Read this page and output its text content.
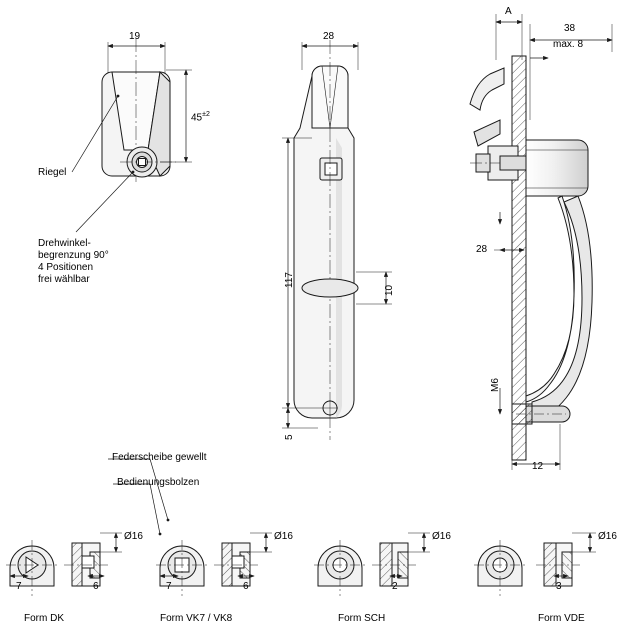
19
$45^{\pm 2}$
Riegel
Drehwinkel-
begrenzung 90°
4 Positionen
frei wählbar
28
117
10
5
A
38
max. 8
28
M6
12
Federscheibe gewellt
Bedienungsbolzen
Ø16
7	6
Form DK
Ø16
7	6
Form VK7 / VK8
Ø16
2
Form SCH
Ø16
3
Form VDE
